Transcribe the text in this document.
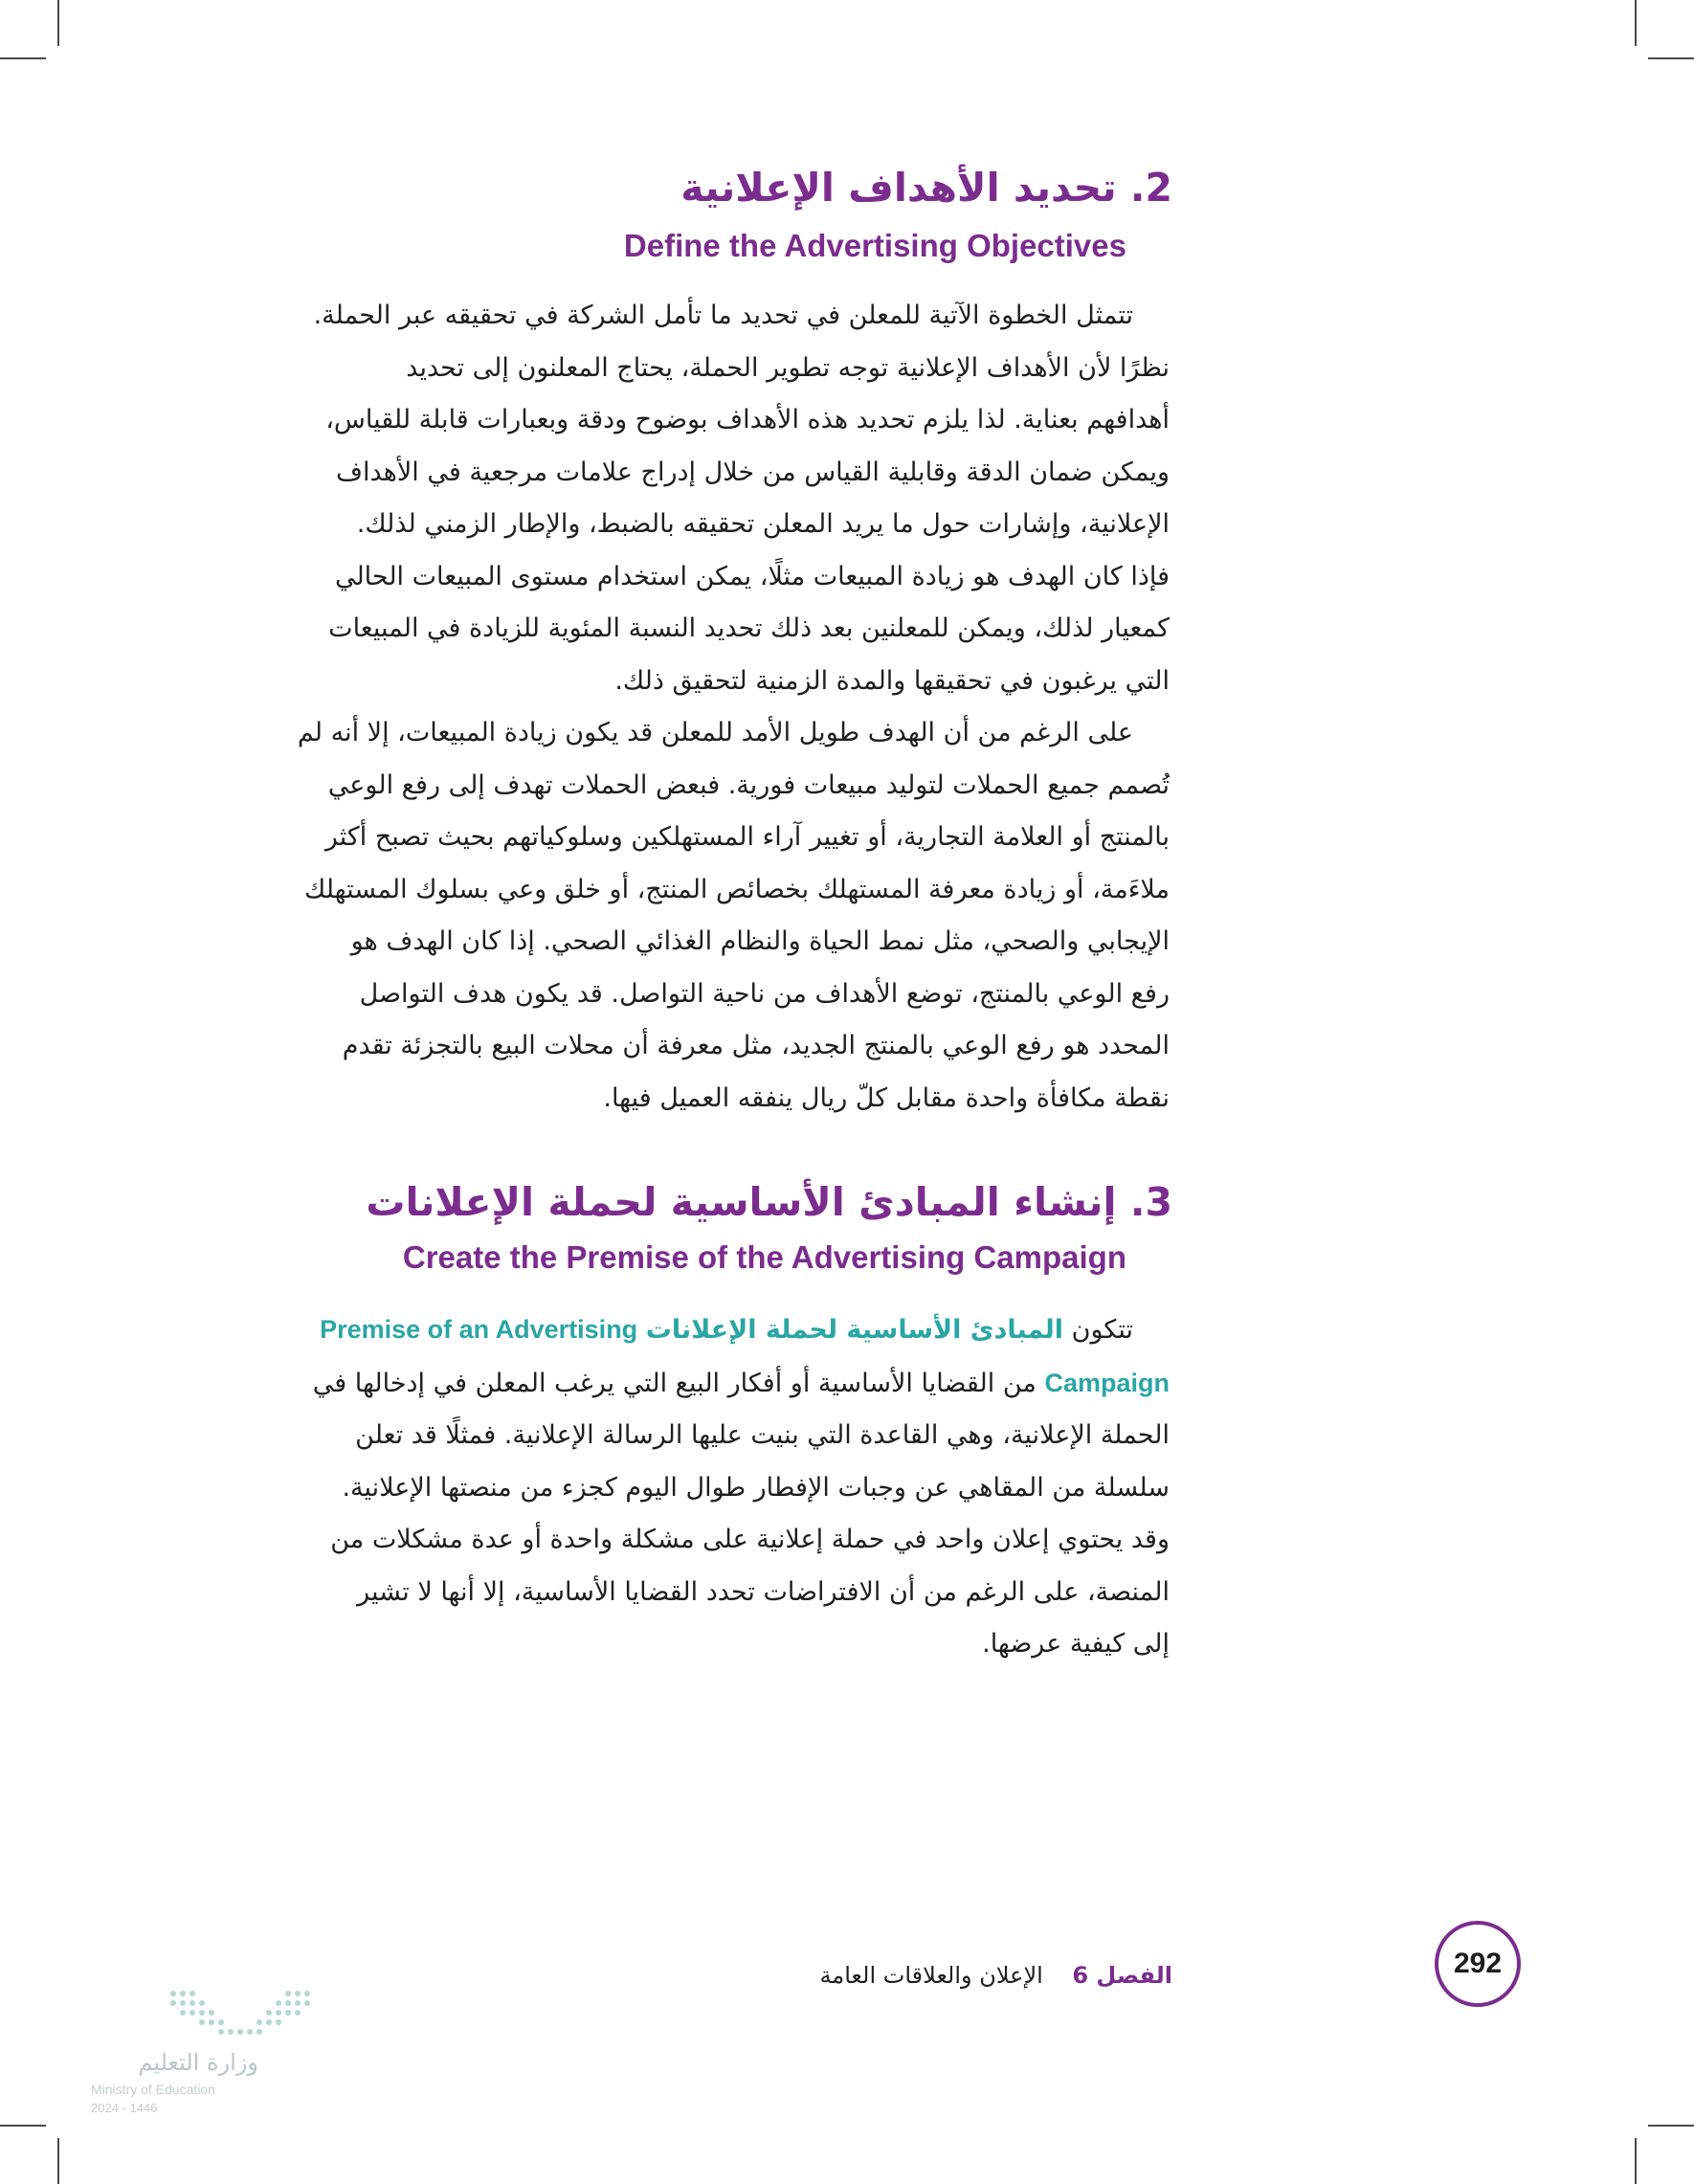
2. تحديد الأهداف الإعلانية
Define the Advertising Objectives
تتمثل الخطوة الآتية للمعلن في تحديد ما تأمل الشركة في تحقيقه عبر الحملة.
نظرًا لأن الأهداف الإعلانية توجه تطوير الحملة، يحتاج المعلنون إلى تحديد
أهدافهم بعناية. لذا يلزم تحديد هذه الأهداف بوضوح ودقة وبعبارات قابلة للقياس،
ويمكن ضمان الدقة وقابلية القياس من خلال إدراج علامات مرجعية في الأهداف
الإعلانية، وإشارات حول ما يريد المعلن تحقيقه بالضبط، والإطار الزمني لذلك.
فإذا كان الهدف هو زيادة المبيعات مثلًا، يمكن استخدام مستوى المبيعات الحالي
كمعيار لذلك، ويمكن للمعلنين بعد ذلك تحديد النسبة المئوية للزيادة في المبيعات
التي يرغبون في تحقيقها والمدة الزمنية لتحقيق ذلك.
على الرغم من أن الهدف طويل الأمد للمعلن قد يكون زيادة المبيعات، إلا أنه لم
تُصمم جميع الحملات لتوليد مبيعات فورية. فبعض الحملات تهدف إلى رفع الوعي
بالمنتج أو العلامة التجارية، أو تغيير آراء المستهلكين وسلوكياتهم بحيث تصبح أكثر
ملاءَمة، أو زيادة معرفة المستهلك بخصائص المنتج، أو خلق وعي بسلوك المستهلك
الإيجابي والصحي، مثل نمط الحياة والنظام الغذائي الصحي. إذا كان الهدف هو
رفع الوعي بالمنتج، توضع الأهداف من ناحية التواصل. قد يكون هدف التواصل
المحدد هو رفع الوعي بالمنتج الجديد، مثل معرفة أن محلات البيع بالتجزئة تقدم
نقطة مكافأة واحدة مقابل كلّ ريال ينفقه العميل فيها.
3. إنشاء المبادئ الأساسية لحملة الإعلانات
Create the Premise of the Advertising Campaign
تتكون المبادئ الأساسية لحملة الإعلانات Premise of an Advertising
Campaign من القضايا الأساسية أو أفكار البيع التي يرغب المعلن في إدخالها في
الحملة الإعلانية، وهي القاعدة التي بنيت عليها الرسالة الإعلانية. فمثلًا قد تعلن
سلسلة من المقاهي عن وجبات الإفطار طوال اليوم كجزء من منصتها الإعلانية.
وقد يحتوي إعلان واحد في حملة إعلانية على مشكلة واحدة أو عدة مشكلات من
المنصة، على الرغم من أن الافتراضات تحدد القضايا الأساسية، إلا أنها لا تشير
إلى كيفية عرضها.
الفصل 6    الإعلان والعلاقات العامة	292
وزارة التعليم
Ministry of Education
2024 - 1446
